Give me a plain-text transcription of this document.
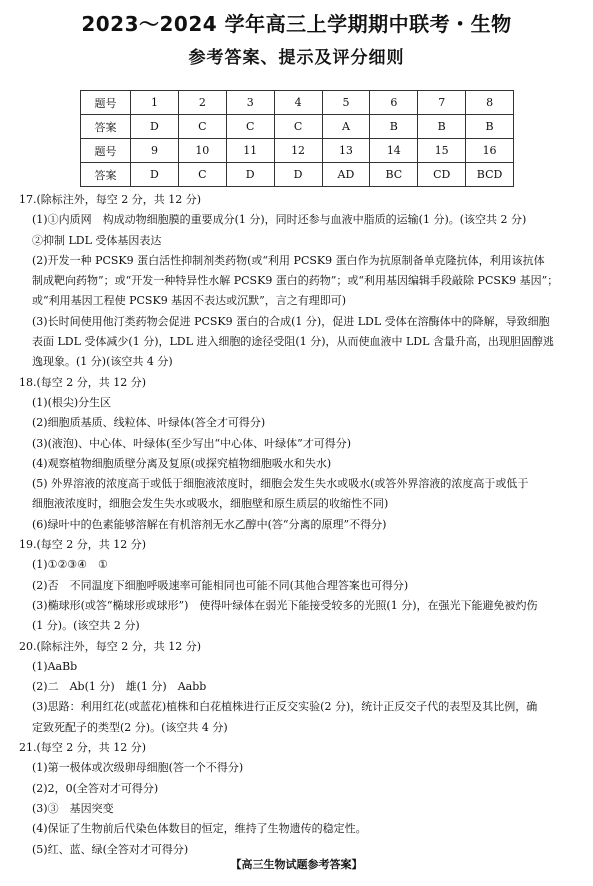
2023～2024 学年高三上学期期中联考・生物
参考答案、提示及评分细则
题号	1	2	3	4	5	6	7	8
答案	D	C	C	C	A	B	B	B
题号	9	10	11	12	13	14	15	16
答案	D	C	D	D	AD	BC	CD	BCD
17.(除标注外，每空 2 分，共 12 分)
(1)①内质网　构成动物细胞膜的重要成分(1 分)，同时还参与血液中脂质的运输(1 分)。(该空共 2 分)
②抑制 LDL 受体基因表达
(2)开发一种 PCSK9 蛋白活性抑制剂类药物(或“利用 PCSK9 蛋白作为抗原制备单克隆抗体，利用该抗体
制成靶向药物”；或“开发一种特异性水解 PCSK9 蛋白的药物”；或“利用基因编辑手段敲除 PCSK9 基因”；
或“利用基因工程使 PCSK9 基因不表达或沉默”，言之有理即可)
(3)长时间使用他汀类药物会促进 PCSK9 蛋白的合成(1 分)，促进 LDL 受体在溶酶体中的降解，导致细胞
表面 LDL 受体减少(1 分)，LDL 进入细胞的途径受阻(1 分)，从而使血液中 LDL 含量升高，出现胆固醇逃
逸现象。(1 分)(该空共 4 分)
18.(每空 2 分，共 12 分)
(1)(根尖)分生区
(2)细胞质基质、线粒体、叶绿体(答全才可得分)
(3)(液泡)、中心体、叶绿体(至少写出“中心体、叶绿体”才可得分)
(4)观察植物细胞质壁分离及复原(或探究植物细胞吸水和失水)
(5) 外界溶液的浓度高于或低于细胞液浓度时，细胞会发生失水或吸水(或答外界溶液的浓度高于或低于
细胞液浓度时，细胞会发生失水或吸水，细胞壁和原生质层的收缩性不同)
(6)绿叶中的色素能够溶解在有机溶剂无水乙醇中(答“分离的原理”不得分)
19.(每空 2 分，共 12 分)
(1)①②③④　①
(2)否　不同温度下细胞呼吸速率可能相同也可能不同(其他合理答案也可得分)
(3)椭球形(或答“椭球形或球形”)　使得叶绿体在弱光下能接受较多的光照(1 分)，在强光下能避免被灼伤
(1 分)。(该空共 2 分)
20.(除标注外，每空 2 分，共 12 分)
(1)AaBb
(2)二　Ab(1 分)　雄(1 分)　Aabb
(3)思路：利用红花(或蓝花)植株和白花植株进行正反交实验(2 分)，统计正反交子代的表型及其比例，确
定致死配子的类型(2 分)。(该空共 4 分)
21.(每空 2 分，共 12 分)
(1)第一极体或次级卵母细胞(答一个不得分)
(2)2，0(全答对才可得分)
(3)③　基因突变
(4)保证了生物前后代染色体数目的恒定，维持了生物遗传的稳定性。
(5)红、蓝、绿(全答对才可得分)
【高三生物试题参考答案】
